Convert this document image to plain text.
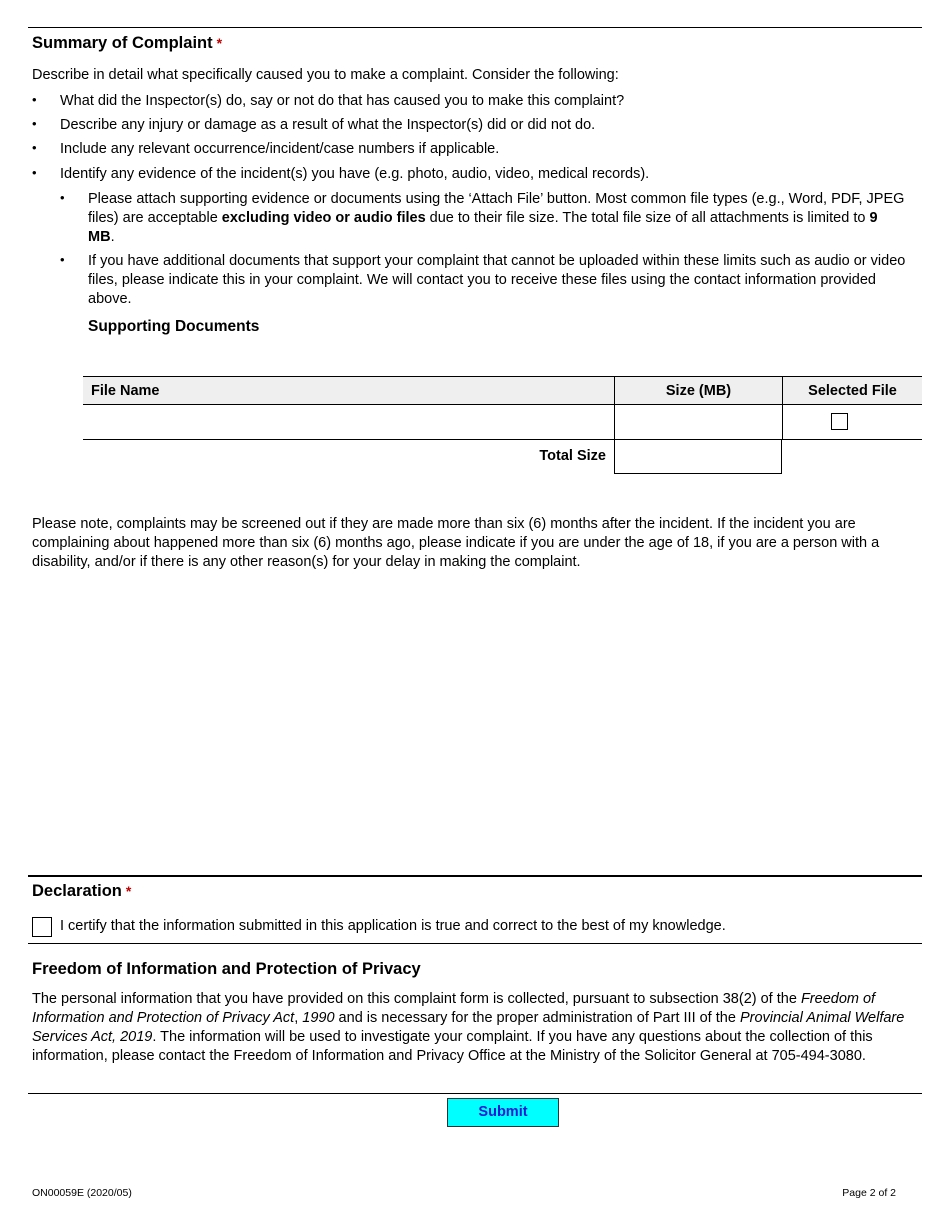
Summary of Complaint *
Describe in detail what specifically caused you to make a complaint. Consider the following:
• What did the Inspector(s) do, say or not do that has caused you to make this complaint?
• Describe any injury or damage as a result of what the Inspector(s) did or did not do.
• Include any relevant occurrence/incident/case numbers if applicable.
• Identify any evidence of the incident(s) you have (e.g. photo, audio, video, medical records).
• Please attach supporting evidence or documents using the ‘Attach File’ button. Most common file types (e.g., Word, PDF, JPEG files) are acceptable excluding video or audio files due to their file size. The total file size of all attachments is limited to 9 MB.
• If you have additional documents that support your complaint that cannot be uploaded within these limits such as audio or video files, please indicate this in your complaint. We will contact you to receive these files using the contact information provided above.
Supporting Documents
File Name	Size (MB)	Selected File
Total Size
Please note, complaints may be screened out if they are made more than six (6) months after the incident. If the incident you are complaining about happened more than six (6) months ago, please indicate if you are under the age of 18, if you are a person with a disability, and/or if there is any other reason(s) for your delay in making the complaint.
Declaration *
I certify that the information submitted in this application is true and correct to the best of my knowledge.
Freedom of Information and Protection of Privacy
The personal information that you have provided on this complaint form is collected, pursuant to subsection 38(2) of the Freedom of Information and Protection of Privacy Act, 1990 and is necessary for the proper administration of Part III of the Provincial Animal Welfare Services Act, 2019. The information will be used to investigate your complaint. If you have any questions about the collection of this information, please contact the Freedom of Information and Privacy Office at the Ministry of the Solicitor General at 705-494-3080.
Submit
ON00059E (2020/05)	Page 2 of 2
